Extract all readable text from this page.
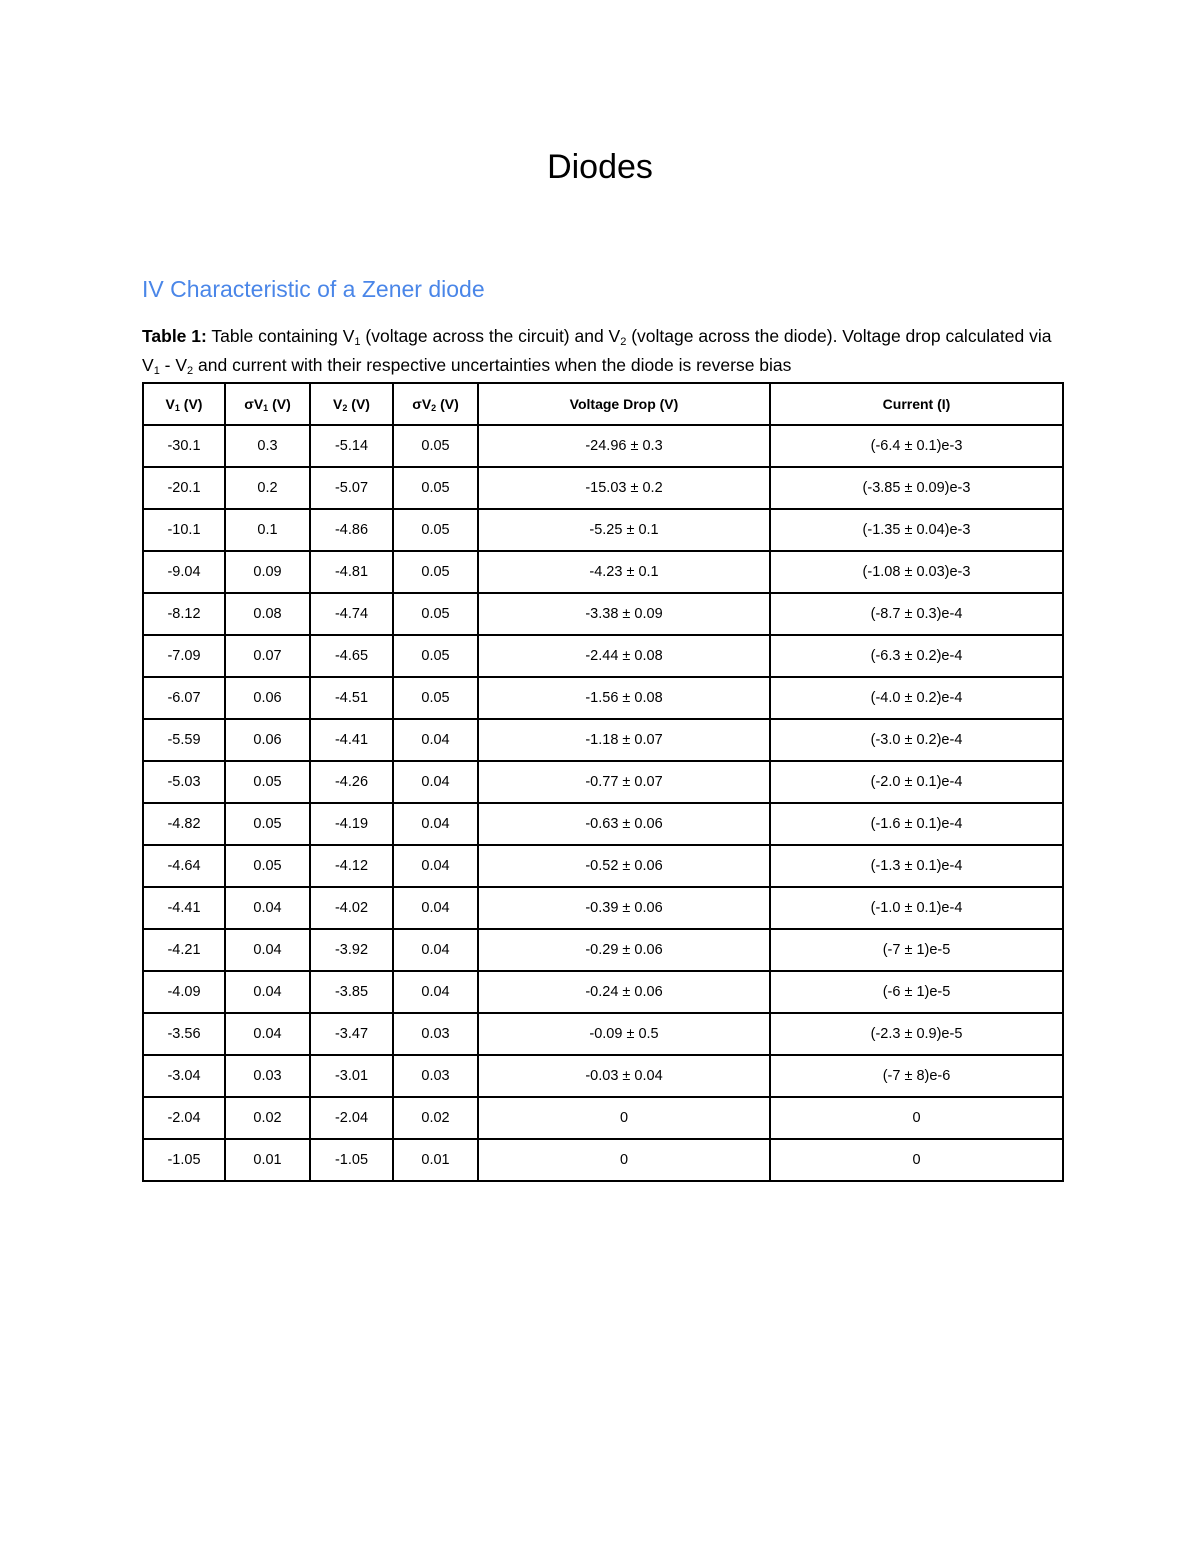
Diodes
IV Characteristic of a Zener diode

Table 1: Table containing $V_1$ (voltage across the circuit) and $V_2$ (voltage across the diode). Voltage drop calculated via $V_1 - V_2$ and current with their respective uncertainties when the diode is reverse bias

$V_1$ (V)	$\sigma V_1$ (V)	$V_2$ (V)	$\sigma V_2$ (V)	Voltage Drop (V)	Current (I)
-30.1	0.3	-5.14	0.05	-24.96 ± 0.3	(-6.4 ± 0.1)e-3
-20.1	0.2	-5.07	0.05	-15.03 ± 0.2	(-3.85 ± 0.09)e-3
-10.1	0.1	-4.86	0.05	-5.25 ± 0.1	(-1.35 ± 0.04)e-3
-9.04	0.09	-4.81	0.05	-4.23 ± 0.1	(-1.08 ± 0.03)e-3
-8.12	0.08	-4.74	0.05	-3.38 ± 0.09	(-8.7 ± 0.3)e-4
-7.09	0.07	-4.65	0.05	-2.44 ± 0.08	(-6.3 ± 0.2)e-4
-6.07	0.06	-4.51	0.05	-1.56 ± 0.08	(-4.0 ± 0.2)e-4
-5.59	0.06	-4.41	0.04	-1.18 ± 0.07	(-3.0 ± 0.2)e-4
-5.03	0.05	-4.26	0.04	-0.77 ± 0.07	(-2.0 ± 0.1)e-4
-4.82	0.05	-4.19	0.04	-0.63 ± 0.06	(-1.6 ± 0.1)e-4
-4.64	0.05	-4.12	0.04	-0.52 ± 0.06	(-1.3 ± 0.1)e-4
-4.41	0.04	-4.02	0.04	-0.39 ± 0.06	(-1.0 ± 0.1)e-4
-4.21	0.04	-3.92	0.04	-0.29 ± 0.06	(-7 ± 1)e-5
-4.09	0.04	-3.85	0.04	-0.24 ± 0.06	(-6 ± 1)e-5
-3.56	0.04	-3.47	0.03	-0.09 ± 0.5	(-2.3 ± 0.9)e-5
-3.04	0.03	-3.01	0.03	-0.03 ± 0.04	(-7 ± 8)e-6
-2.04	0.02	-2.04	0.02	0	0
-1.05	0.01	-1.05	0.01	0	0
